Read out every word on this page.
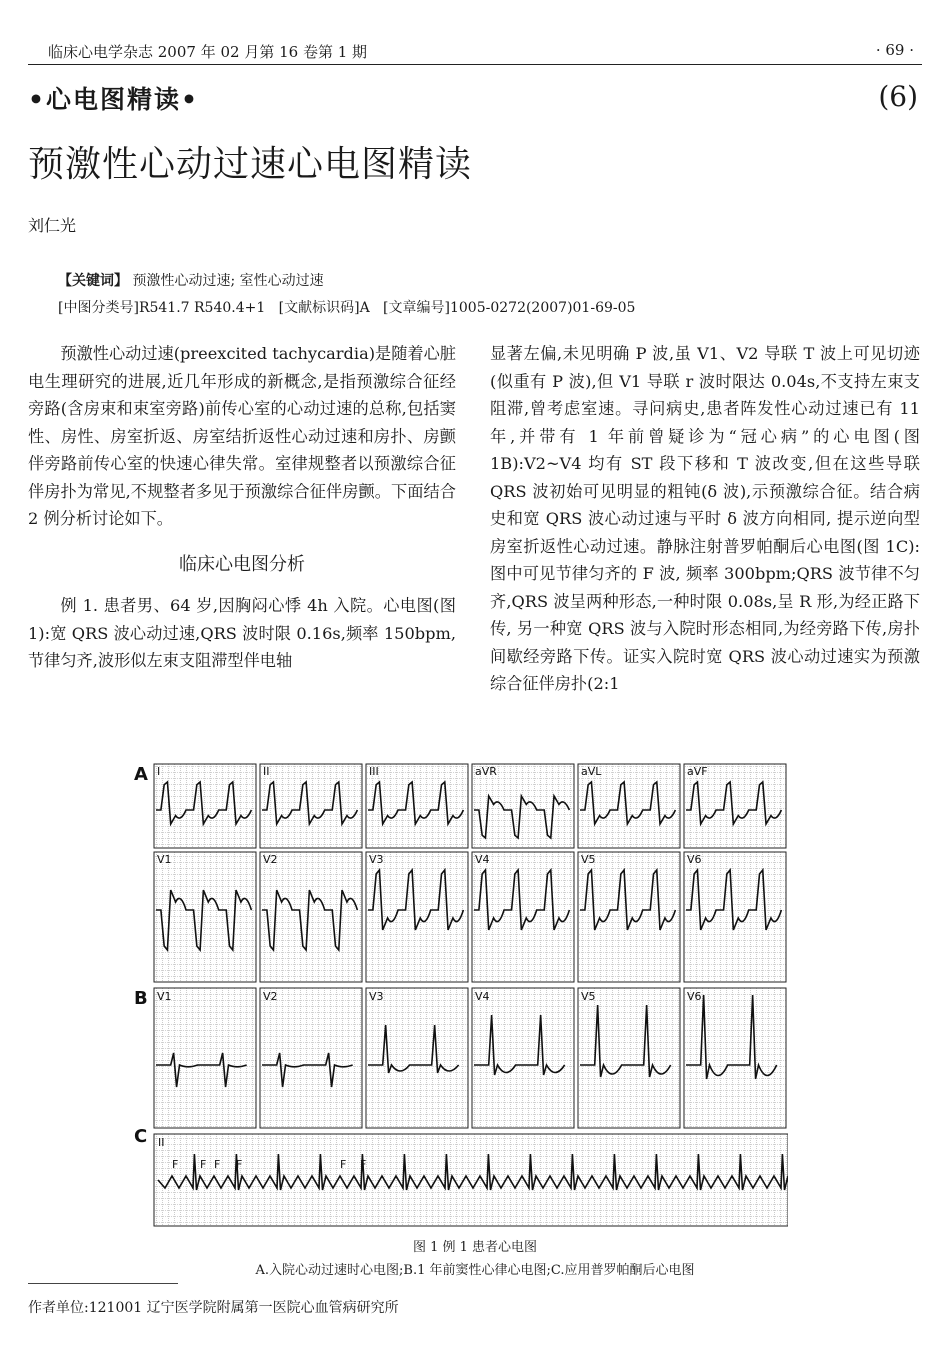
临床心电学杂志 2007 年 02 月第 16 卷第 1 期	· 69 ·
•心电图精读•	(6)
预激性心动过速心电图精读
刘仁光
【关键词】 预激性心动过速; 室性心动过速
[中图分类号]R541.7 R540.4+1 [文献标识码]A [文章编号]1005-0272(2007)01-69-05

预激性心动过速(preexcited tachycardia)是随着心脏电生理研究的进展,近几年形成的新概念,是指预激综合征经旁路(含房束和束室旁路)前传心室的心动过速的总称,包括窦性、房性、房室折返、房室结折返性心动过速和房扑、房颤伴旁路前传心室的快速心律失常。室律规整者以预激综合征伴房扑为常见,不规整者多见于预激综合征伴房颤。下面结合 2 例分析讨论如下。

临床心电图分析

例 1. 患者男、64 岁,因胸闷心悸 4h 入院。心电图(图 1):宽 QRS 波心动过速,QRS 波时限 0.16s,频率 150bpm,节律匀齐,波形似左束支阻滞型伴电轴

显著左偏,未见明确 P 波,虽 V1、V2 导联 T 波上可见切迹(似重有 P 波),但 V1 导联 r 波时限达 0.04s,不支持左束支阻滞,曾考虑室速。寻问病史,患者阵发性心动过速已有 11 年,并带有 1 年前曾疑诊为“冠心病”的心电图(图 1B):V2~V4 均有 ST 段下移和 T 波改变,但在这些导联 QRS 波初始可见明显的粗钝(δ 波),示预激综合征。结合病史和宽 QRS 波心动过速与平时 δ 波方向相同, 提示逆向型房室折返性心动过速。静脉注射普罗帕酮后心电图(图 1C):图中可见节律匀齐的 F 波, 频率 300bpm;QRS 波节律不匀齐,QRS 波呈两种形态,一种时限 0.08s,呈 R 形,为经正路下传, 另一种宽 QRS 波与入院时形态相同,为经旁路下传,房扑间歇经旁路下传。证实入院时宽 QRS 波心动过速实为预激综合征伴房扑(2:1

A
B
C
I
V1
II
V2
III
V3
aVR
V4
aVL
V5
aVF
V6
V1	V2	V3	V4	V5	V6
II
F F F F	F F
图 1 例 1 患者心电图
A.入院心动过速时心电图;B.1 年前窦性心律心电图;C.应用普罗帕酮后心电图
作者单位:121001 辽宁医学院附属第一医院心血管病研究所
